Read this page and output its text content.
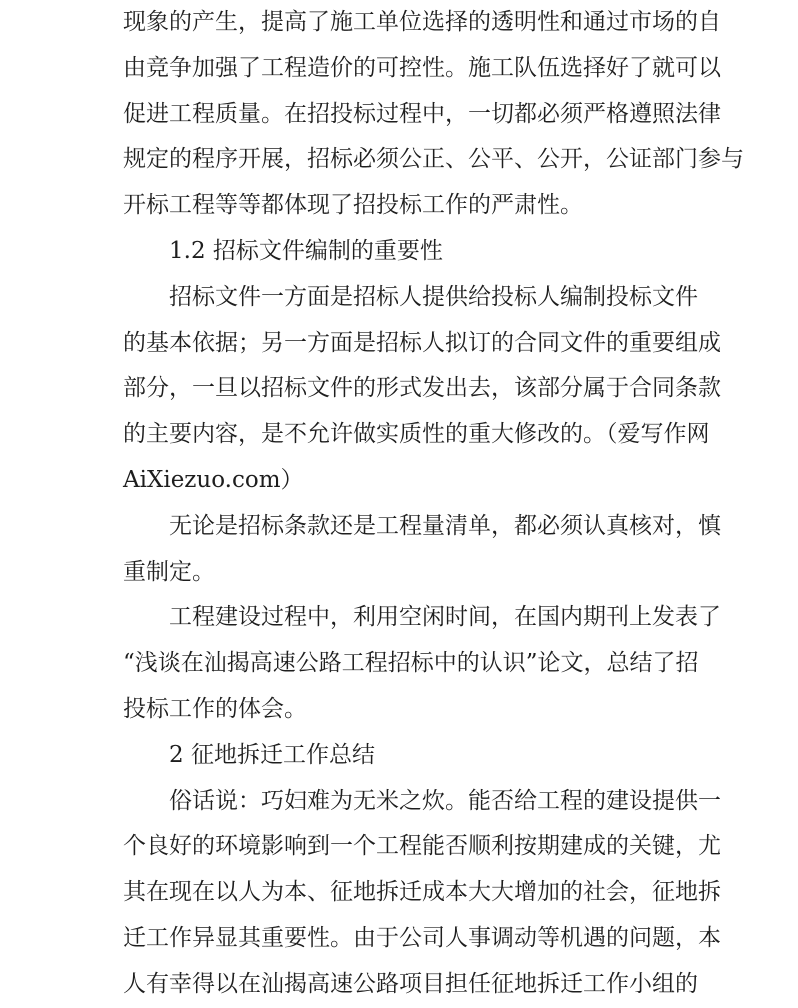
现象的产生，提高了施工单位选择的透明性和通过市场的自
由竞争加强了工程造价的可控性。施工队伍选择好了就可以
促进工程质量。在招投标过程中，一切都必须严格遵照法律
规定的程序开展，招标必须公正、公平、公开，公证部门参与
开标工程等等都体现了招投标工作的严肃性。
1.2 招标文件编制的重要性
招标文件一方面是招标人提供给投标人编制投标文件
的基本依据；另一方面是招标人拟订的合同文件的重要组成
部分，一旦以招标文件的形式发出去，该部分属于合同条款
的主要内容，是不允许做实质性的重大修改的。（爱写作网
AiXiezuo.com）
无论是招标条款还是工程量清单，都必须认真核对，慎
重制定。
工程建设过程中，利用空闲时间，在国内期刊上发表了
“浅谈在汕揭高速公路工程招标中的认识”论文，总结了招
投标工作的体会。
2 征地拆迁工作总结
俗话说：巧妇难为无米之炊。能否给工程的建设提供一
个良好的环境影响到一个工程能否顺利按期建成的关键，尤
其在现在以人为本、征地拆迁成本大大增加的社会，征地拆
迁工作异显其重要性。由于公司人事调动等机遇的问题，本
人有幸得以在汕揭高速公路项目担任征地拆迁工作小组的
